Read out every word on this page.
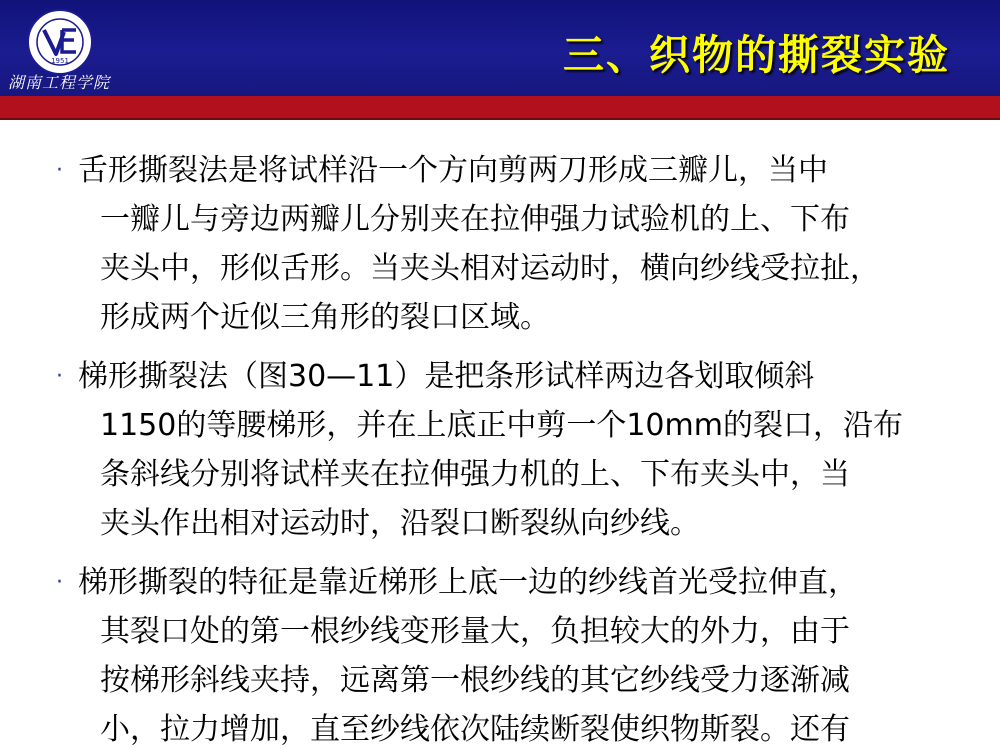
1951
湖南工程学院
三、织物的撕裂实验
· 舌形撕裂法是将试样沿一个方向剪两刀形成三瓣儿，当中
一瓣儿与旁边两瓣儿分别夹在拉伸强力试验机的上、下布
夹头中，形似舌形。当夹头相对运动时，横向纱线受拉扯，
形成两个近似三角形的裂口区域。
· 梯形撕裂法（图30—11）是把条形试样两边各划取倾斜
1150的等腰梯形，并在上底正中剪一个10mm的裂口，沿布
条斜线分别将试样夹在拉伸强力机的上、下布夹头中，当
夹头作出相对运动时，沿裂口断裂纵向纱线。
· 梯形撕裂的特征是靠近梯形上底一边的纱线首光受拉伸直，
其裂口处的第一根纱线变形量大，负担较大的外力，由于
按梯形斜线夹持，远离第一根纱线的其它纱线受力逐渐减
小，拉力增加，直至纱线依次陆续断裂使织物斯裂。还有
